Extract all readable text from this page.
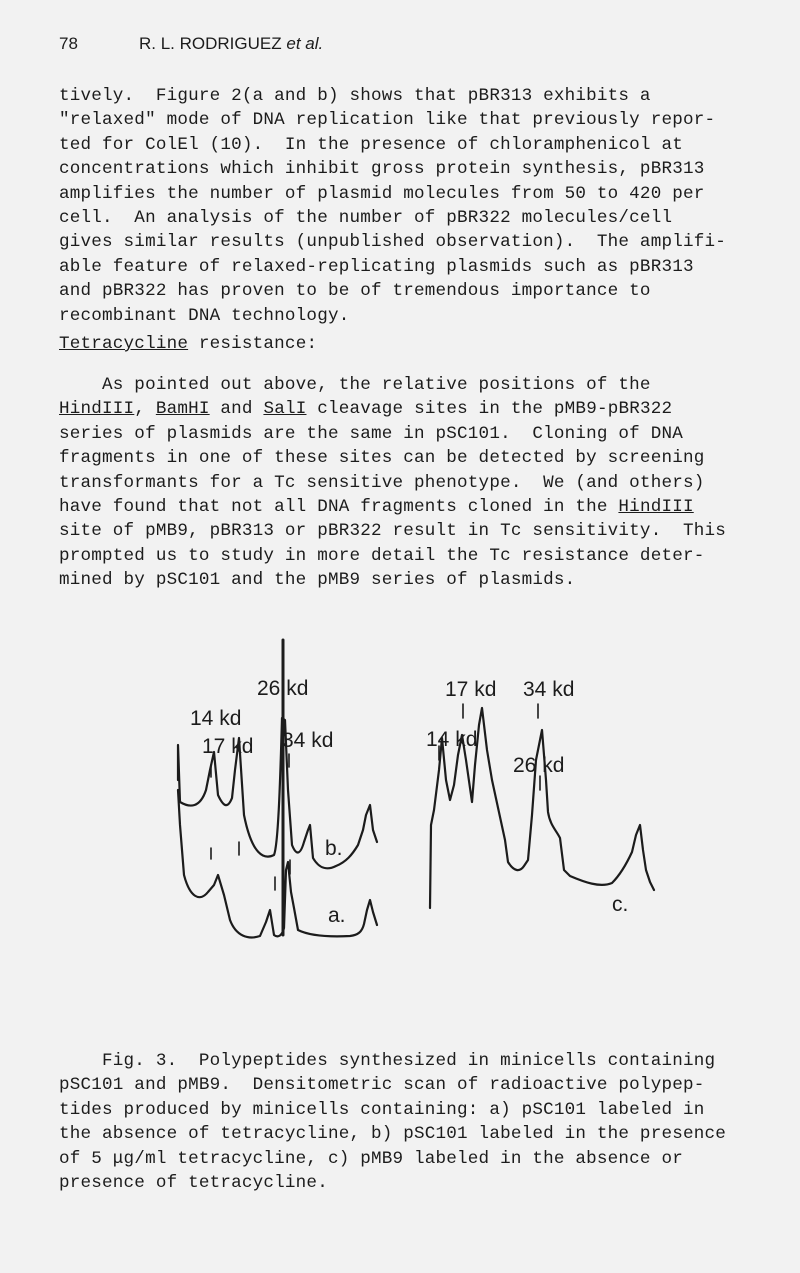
78	R. L. RODRIGUEZ et al.

tively.  Figure 2(a and b) shows that pBR313 exhibits a
"relaxed" mode of DNA replication like that previously repor-
ted for ColEl (10).  In the presence of chloramphenicol at
concentrations which inhibit gross protein synthesis, pBR313
amplifies the number of plasmid molecules from 50 to 420 per
cell.  An analysis of the number of pBR322 molecules/cell
gives similar results (unpublished observation).  The amplifi-
able feature of relaxed-replicating plasmids such as pBR313
and pBR322 has proven to be of tremendous importance to
recombinant DNA technology.

Tetracycline resistance:

As pointed out above, the relative positions of the
HindIII, BamHI and SalI cleavage sites in the pMB9-pBR322
series of plasmids are the same in pSC101.  Cloning of DNA
fragments in one of these sites can be detected by screening
transformants for a Tc sensitive phenotype.  We (and others)
have found that not all DNA fragments cloned in the HindIII
site of pMB9, pBR313 or pBR322 result in Tc sensitivity.  This
prompted us to study in more detail the Tc resistance deter-
mined by pSC101 and the pMB9 series of plasmids.

26 kd
14 kd
17 kd 34 kd
b.
a.
17 kd 34 kd
14 kd
26 kd
c.

Fig. 3.  Polypeptides synthesized in minicells containing
pSC101 and pMB9.  Densitometric scan of radioactive polypep-
tides produced by minicells containing: a) pSC101 labeled in
the absence of tetracycline, b) pSC101 labeled in the presence
of 5 μg/ml tetracycline, c) pMB9 labeled in the absence or
presence of tetracycline.
